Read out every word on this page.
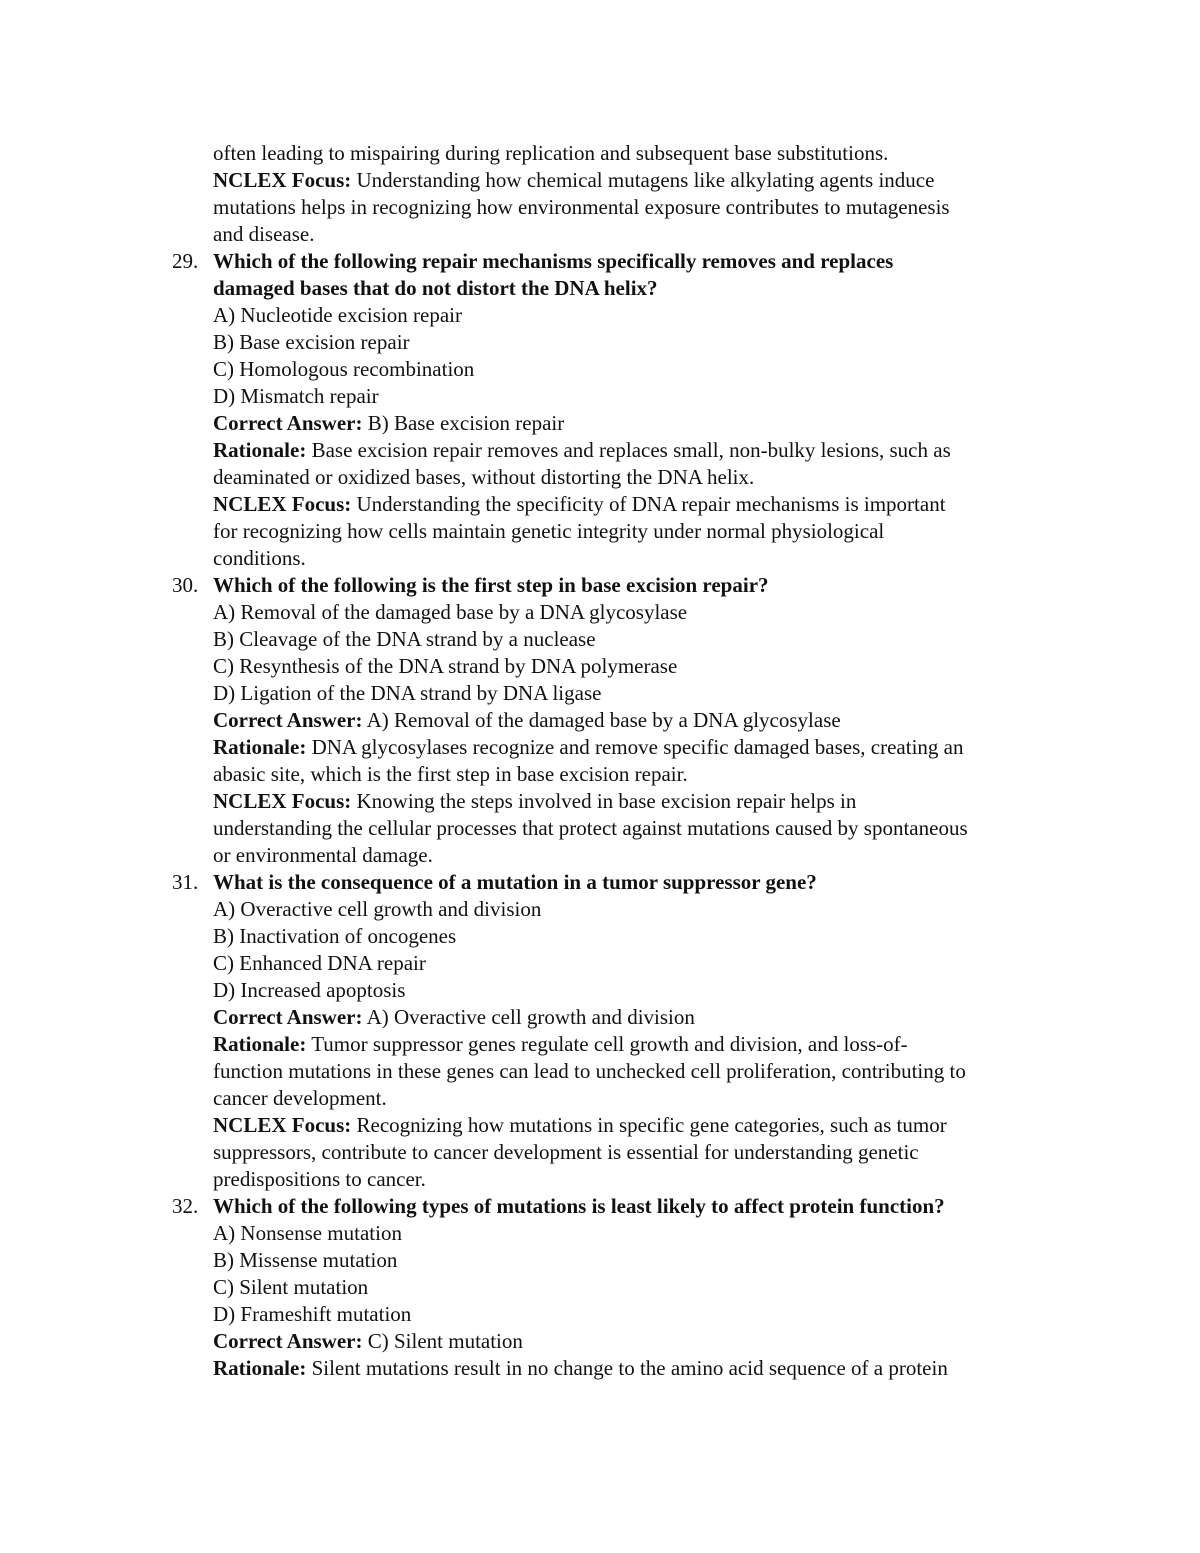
often leading to mispairing during replication and subsequent base substitutions.
NCLEX Focus: Understanding how chemical mutagens like alkylating agents induce
mutations helps in recognizing how environmental exposure contributes to mutagenesis
and disease.
29. Which of the following repair mechanisms specifically removes and replaces
damaged bases that do not distort the DNA helix?
A) Nucleotide excision repair
B) Base excision repair
C) Homologous recombination
D) Mismatch repair
Correct Answer: B) Base excision repair
Rationale: Base excision repair removes and replaces small, non-bulky lesions, such as
deaminated or oxidized bases, without distorting the DNA helix.
NCLEX Focus: Understanding the specificity of DNA repair mechanisms is important
for recognizing how cells maintain genetic integrity under normal physiological
conditions.
30. Which of the following is the first step in base excision repair?
A) Removal of the damaged base by a DNA glycosylase
B) Cleavage of the DNA strand by a nuclease
C) Resynthesis of the DNA strand by DNA polymerase
D) Ligation of the DNA strand by DNA ligase
Correct Answer: A) Removal of the damaged base by a DNA glycosylase
Rationale: DNA glycosylases recognize and remove specific damaged bases, creating an
abasic site, which is the first step in base excision repair.
NCLEX Focus: Knowing the steps involved in base excision repair helps in
understanding the cellular processes that protect against mutations caused by spontaneous
or environmental damage.
31. What is the consequence of a mutation in a tumor suppressor gene?
A) Overactive cell growth and division
B) Inactivation of oncogenes
C) Enhanced DNA repair
D) Increased apoptosis
Correct Answer: A) Overactive cell growth and division
Rationale: Tumor suppressor genes regulate cell growth and division, and loss-of-
function mutations in these genes can lead to unchecked cell proliferation, contributing to
cancer development.
NCLEX Focus: Recognizing how mutations in specific gene categories, such as tumor
suppressors, contribute to cancer development is essential for understanding genetic
predispositions to cancer.
32. Which of the following types of mutations is least likely to affect protein function?
A) Nonsense mutation
B) Missense mutation
C) Silent mutation
D) Frameshift mutation
Correct Answer: C) Silent mutation
Rationale: Silent mutations result in no change to the amino acid sequence of a protein
